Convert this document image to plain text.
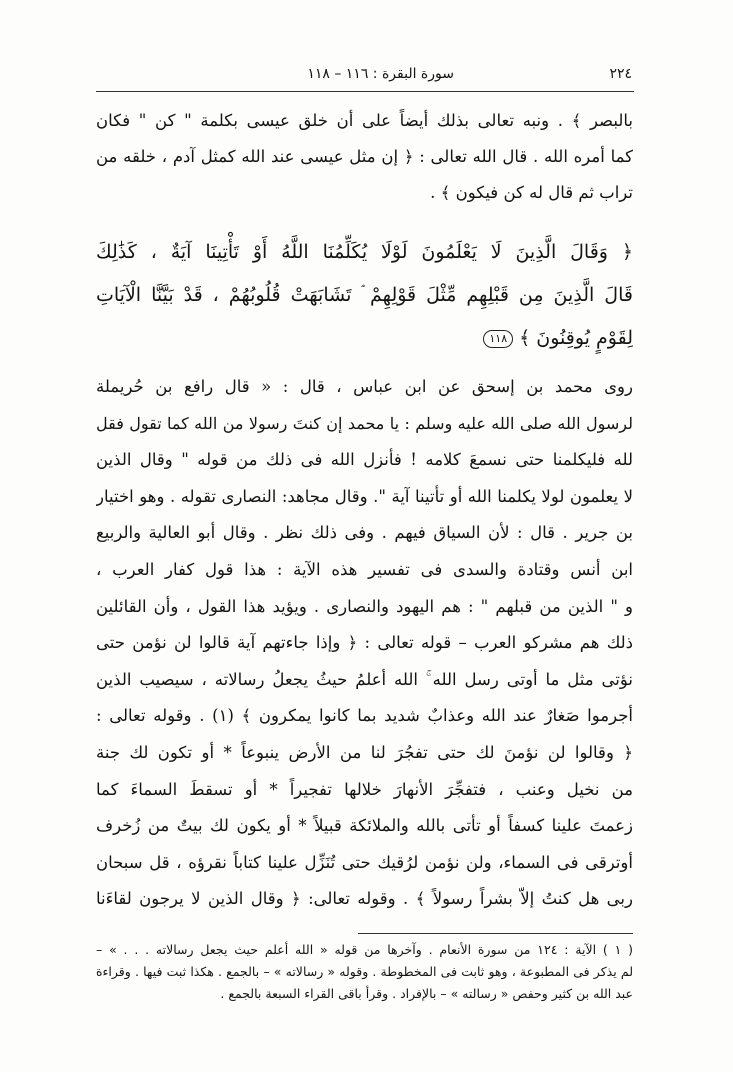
٢٢٤
سورة البقرة : ١١٦ – ١١٨
بالبصر ﴾ . ونبه تعالى بذلك أيضاً على أن خلق عيسى بكلمة " كن " فكان
كما أمره الله . قال الله تعالى : ﴿ إن مثل عيسى عند الله كمثل آدم ، خلقه من
تراب ثم قال له كن فيكون ﴾ .
﴿ وَقَالَ الَّذِينَ لَا يَعْلَمُونَ لَوْلَا يُكَلِّمُنَا اللَّهُ أَوْ تَأْتِينَا آيَةٌ ، كَذَٰلِكَ
قَالَ الَّذِينَ مِن قَبْلِهِم مِّثْلَ قَوْلِهِمْ ۘ تَشَابَهَتْ قُلُوبُهُمْ ، قَدْ بَيَّنَّا الْآيَاتِ
لِقَوْمٍ يُوقِنُونَ ﴾١١٨
روى محمد بن إسحق عن ابن عباس ، قال : « قال رافع بن حُريملة
لرسول الله صلى الله عليه وسلم : يا محمد إن كنتَ رسولا من الله كما تقول فقل
لله فليكلمنا حتى نسمعَ كلامه ! فأنزل الله فى ذلك من قوله " وقال الذين
لا يعلمون لولا يكلمنا الله أو تأتينا آية ". وقال مجاهد: النصارى تقوله . وهو اختيار
بن جرير . قال : لأن السياق فيهم . وفى ذلك نظر . وقال أبو العالية والربيع
ابن أنس وقتادة والسدى فى تفسير هذه الآية : هذا قول كفار العرب ،
و " الذين من قبلهم " : هم اليهود والنصارى . ويؤيد هذا القول ، وأن القائلين
ذلك هم مشركو العرب – قوله تعالى : ﴿ وإذا جاءتهم آية قالوا لن نؤمن حتى
نؤتى مثل ما أوتى رسل الله ۚ الله أعلمُ حيثُ يجعلُ رسالاته ، سيصيب الذين
أجرموا صَغارٌ عند الله وعذابٌ شديد بما كانوا يمكرون ﴾ (١) . وقوله تعالى :
﴿ وقالوا لن نؤمنَ لك حتى تفجُرَ لنا من الأرض ينبوعاً * أو تكون لك جنة
من نخيل وعنب ، فتفجِّرَ الأنهارَ خلالها تفجيراً * أو تسقطَ السماءَ كما
زعمتَ علينا كسفاً أو تأتى بالله والملائكة قبيلاً * أو يكون لك بيتٌ من زُخرف
أوترقى فى السماء، ولن نؤمن لرُقيك حتى تُنَزِّل علينا كتاباً نقرؤه ، قل سبحان
ربى هل كنتُ إلاّ بشراً رسولاً ﴾ . وقوله تعالى: ﴿ وقال الذين لا يرجون لقاءَنا
( ١ ) الآية : ١٢٤ من سورة الأنعام . وآخرها من قوله « الله أعلم حيث يجعل رسالاته . . . » –
لم يذكر فى المطبوعة ، وهو ثابت فى المخطوطة . وقوله « رسالاته » – بالجمع . هكذا ثبت فيها . وقراءة
عبد الله بن كثير وحفص « رسالته » – بالإفراد . وقرأ باقى القراء السبعة بالجمع .
